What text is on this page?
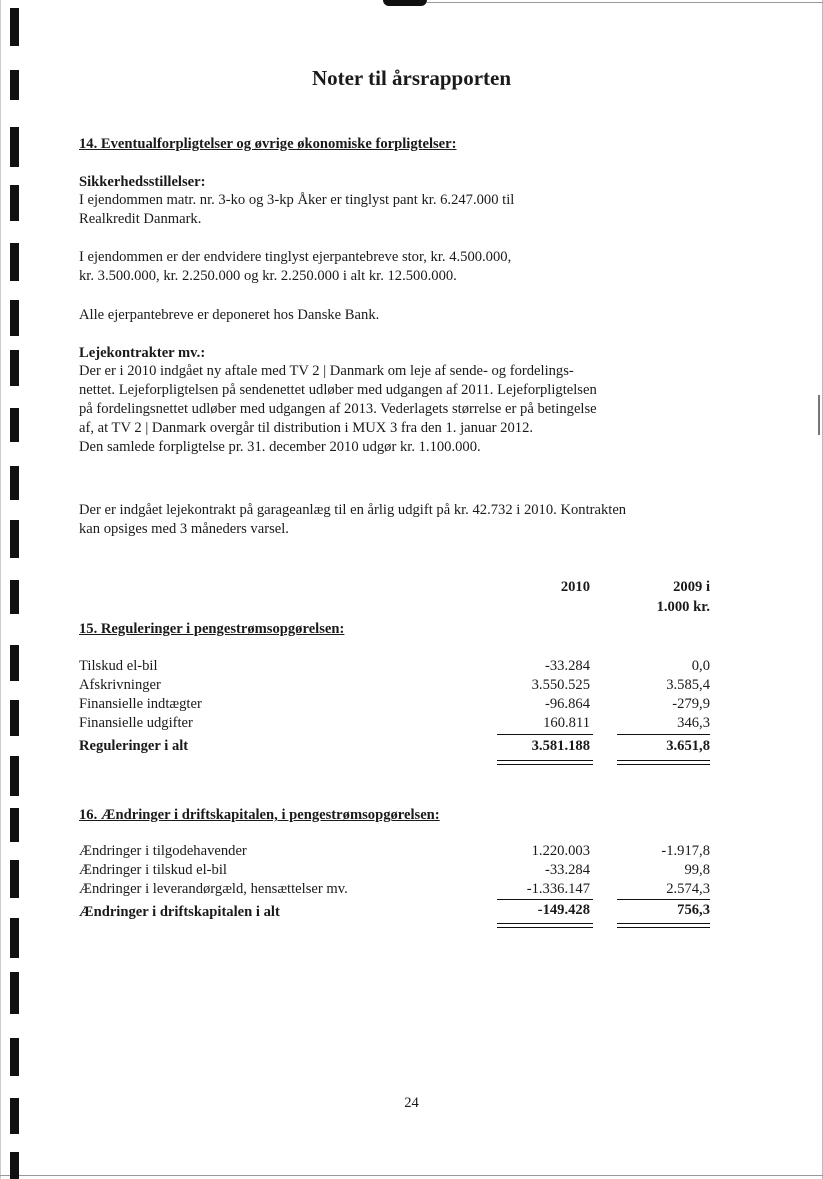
Noter til årsrapporten
14. Eventualforpligtelser og øvrige økonomiske forpligtelser:
Sikkerhedsstillelser:
I ejendommen matr. nr. 3-ko og 3-kp Åker er tinglyst pant kr. 6.247.000 til
Realkredit Danmark.
I ejendommen er der endvidere tinglyst ejerpantebreve stor, kr. 4.500.000,
kr. 3.500.000, kr. 2.250.000 og kr. 2.250.000 i alt kr. 12.500.000.
Alle ejerpantebreve er deponeret hos Danske Bank.
Lejekontrakter mv.:
Der er i 2010 indgået ny aftale med TV 2 | Danmark om leje af sende- og fordelings-
nettet. Lejeforpligtelsen på sendenettet udløber med udgangen af 2011. Lejeforpligtelsen
på fordelingsnettet udløber med udgangen af 2013. Vederlagets størrelse er på betingelse
af, at TV 2 | Danmark overgår til distribution i MUX 3 fra den 1. januar 2012.
Den samlede forpligtelse pr. 31. december 2010 udgør kr. 1.100.000.
Der er indgået lejekontrakt på garageanlæg til en årlig udgift på kr. 42.732 i 2010. Kontrakten
kan opsiges med 3 måneders varsel.
2010	2009 i
1.000 kr.
15. Reguleringer i pengestrømsopgørelsen:
Tilskud el-bil	-33.284	0,0
Afskrivninger	3.550.525	3.585,4
Finansielle indtægter	-96.864	-279,9
Finansielle udgifter	160.811	346,3
Reguleringer i alt	3.581.188	3.651,8
16. Ændringer i driftskapitalen, i pengestrømsopgørelsen:
Ændringer i tilgodehavender	1.220.003	-1.917,8
Ændringer i tilskud el-bil	-33.284	99,8
Ændringer i leverandørgæld, hensættelser mv.	-1.336.147	2.574,3
Ændringer i driftskapitalen i alt	-149.428	756,3
24
